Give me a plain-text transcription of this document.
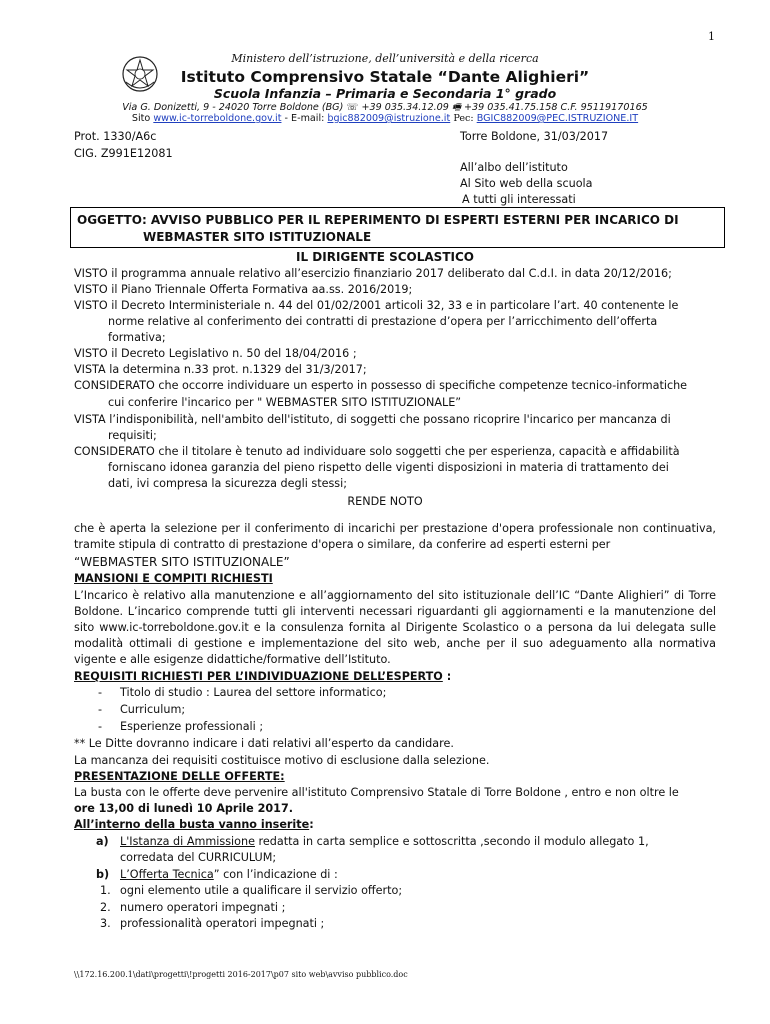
1
Ministero dell’istruzione, dell’università e della ricerca
Istituto Comprensivo Statale “Dante Alighieri”
Scuola Infanzia – Primaria e Secondaria 1° grado
Via G. Donizetti, 9 - 24020 Torre Boldone (BG) ☏ +39 035.34.12.09 🖷 +39 035.41.75.158 C.F. 95119170165
Sito www.ic-torreboldone.gov.it - E-mail: bgic882009@istruzione.it Pec: BGIC882009@PEC.ISTRUZIONE.IT
Prot. 1330/A6c
CIG. Z991E12081
Torre Boldone, 31/03/2017
All’albo dell’istituto
Al Sito web della scuola
A tutti gli interessati
OGGETTO: AVVISO PUBBLICO PER IL REPERIMENTO DI ESPERTI ESTERNI PER INCARICO DI
WEBMASTER SITO ISTITUZIONALE
IL DIRIGENTE SCOLASTICO
VISTO il programma annuale relativo all’esercizio finanziario 2017 deliberato dal C.d.I. in data 20/12/2016;
VISTO il Piano Triennale Offerta Formativa aa.ss. 2016/2019;
VISTO il Decreto Interministeriale n. 44 del 01/02/2001 articoli 32, 33 e in particolare l’art. 40 contenente le
norme relative al conferimento dei contratti di prestazione d’opera per l’arricchimento dell’offerta
formativa;
VISTO il Decreto Legislativo n. 50 del 18/04/2016 ;
VISTA la determina n.33 prot. n.1329 del 31/3/2017;
CONSIDERATO che occorre individuare un esperto in possesso di specifiche competenze tecnico-informatiche
cui conferire l'incarico per " WEBMASTER SITO ISTITUZIONALE”
VISTA l’indisponibilità, nell'ambito dell'istituto, di soggetti che possano ricoprire l'incarico per mancanza di
requisiti;
CONSIDERATO che il titolare è tenuto ad individuare solo soggetti che per esperienza, capacità e affidabilità
forniscano idonea garanzia del pieno rispetto delle vigenti disposizioni in materia di trattamento dei
dati, ivi compresa la sicurezza degli stessi;
RENDE NOTO
che è aperta la selezione per il conferimento di incarichi per prestazione d'opera professionale non continuativa, tramite stipula di contratto di prestazione d'opera o similare, da conferire ad esperti esterni per
“WEBMASTER SITO ISTITUZIONALE”
MANSIONI E COMPITI RICHIESTI
L’Incarico è relativo alla manutenzione e all’aggiornamento del sito istituzionale dell’IC “Dante Alighieri” di Torre Boldone. L’incarico comprende tutti gli interventi necessari riguardanti gli aggiornamenti e la manutenzione del sito www.ic-torreboldone.gov.it e la consulenza fornita al Dirigente Scolastico o a persona da lui delegata sulle modalità ottimali di gestione e implementazione del sito web, anche per il suo adeguamento alla normativa vigente e alle esigenze didattiche/formative dell’Istituto.
REQUISITI RICHIESTI PER L’INDIVIDUAZIONE DELL’ESPERTO :
- Titolo di studio : Laurea del settore informatico;
- Curriculum;
- Esperienze professionali ;
** Le Ditte dovranno indicare i dati relativi all’esperto da candidare.
La mancanza dei requisiti costituisce motivo di esclusione dalla selezione.
PRESENTAZIONE DELLE OFFERTE:
La busta con le offerte deve pervenire all'istituto Comprensivo Statale di Torre Boldone , entro e non oltre le
ore 13,00 di lunedì 10 Aprile 2017.
All’interno della busta vanno inserite:
a) L'Istanza di Ammissione redatta in carta semplice e sottoscritta ,secondo il modulo allegato 1,
corredata del CURRICULUM;
b) L’Offerta Tecnica” con l’indicazione di :
1. ogni elemento utile a qualificare il servizio offerto;
2. numero operatori impegnati ;
3. professionalità operatori impegnati ;
\\172.16.200.1\dati\progetti\!progetti 2016-2017\p07 sito web\avviso pubblico.doc
